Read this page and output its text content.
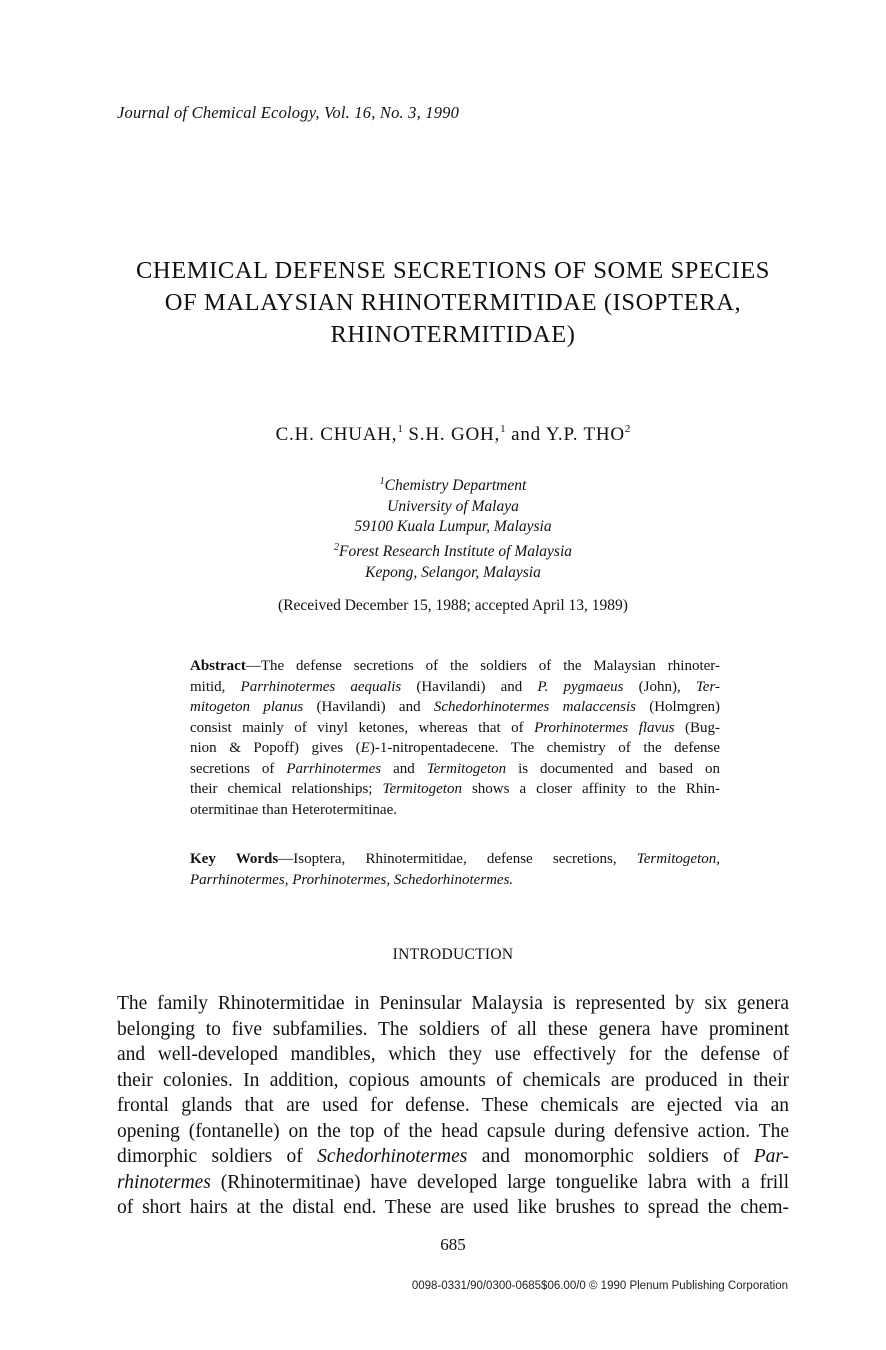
Journal of Chemical Ecology, Vol. 16, No. 3, 1990
CHEMICAL DEFENSE SECRETIONS OF SOME SPECIES
OF MALAYSIAN RHINOTERMITIDAE (ISOPTERA,
RHINOTERMITIDAE)
C.H. CHUAH,$^1$ S.H. GOH,$^1$ and Y.P. THO$^2$
$^1$Chemistry Department
University of Malaya
59100 Kuala Lumpur, Malaysia
$^2$Forest Research Institute of Malaysia
Kepong, Selangor, Malaysia
(Received December 15, 1988; accepted April 13, 1989)
Abstract—The defense secretions of the soldiers of the Malaysian rhinoter-
mitid, Parrhinotermes aequalis (Havilandi) and P. pygmaeus (John), Ter-
mitogeton planus (Havilandi) and Schedorhinotermes malaccensis (Holmgren)
consist mainly of vinyl ketones, whereas that of Prorhinotermes flavus (Bug-
nion & Popoff) gives (E)-1-nitropentadecene. The chemistry of the defense
secretions of Parrhinotermes and Termitogeton is documented and based on
their chemical relationships; Termitogeton shows a closer affinity to the Rhin-
otermitinae than Heterotermitinae.
Key Words—Isoptera, Rhinotermitidae, defense secretions, Termitogeton,
Parrhinotermes, Prorhinotermes, Schedorhinotermes.
INTRODUCTION
The family Rhinotermitidae in Peninsular Malaysia is represented by six genera
belonging to five subfamilies. The soldiers of all these genera have prominent
and well-developed mandibles, which they use effectively for the defense of
their colonies. In addition, copious amounts of chemicals are produced in their
frontal glands that are used for defense. These chemicals are ejected via an
opening (fontanelle) on the top of the head capsule during defensive action. The
dimorphic soldiers of Schedorhinotermes and monomorphic soldiers of Par-
rhinotermes (Rhinotermitinae) have developed large tonguelike labra with a frill
of short hairs at the distal end. These are used like brushes to spread the chem-
685
0098-0331/90/0300-0685$06.00/0 © 1990 Plenum Publishing Corporation
